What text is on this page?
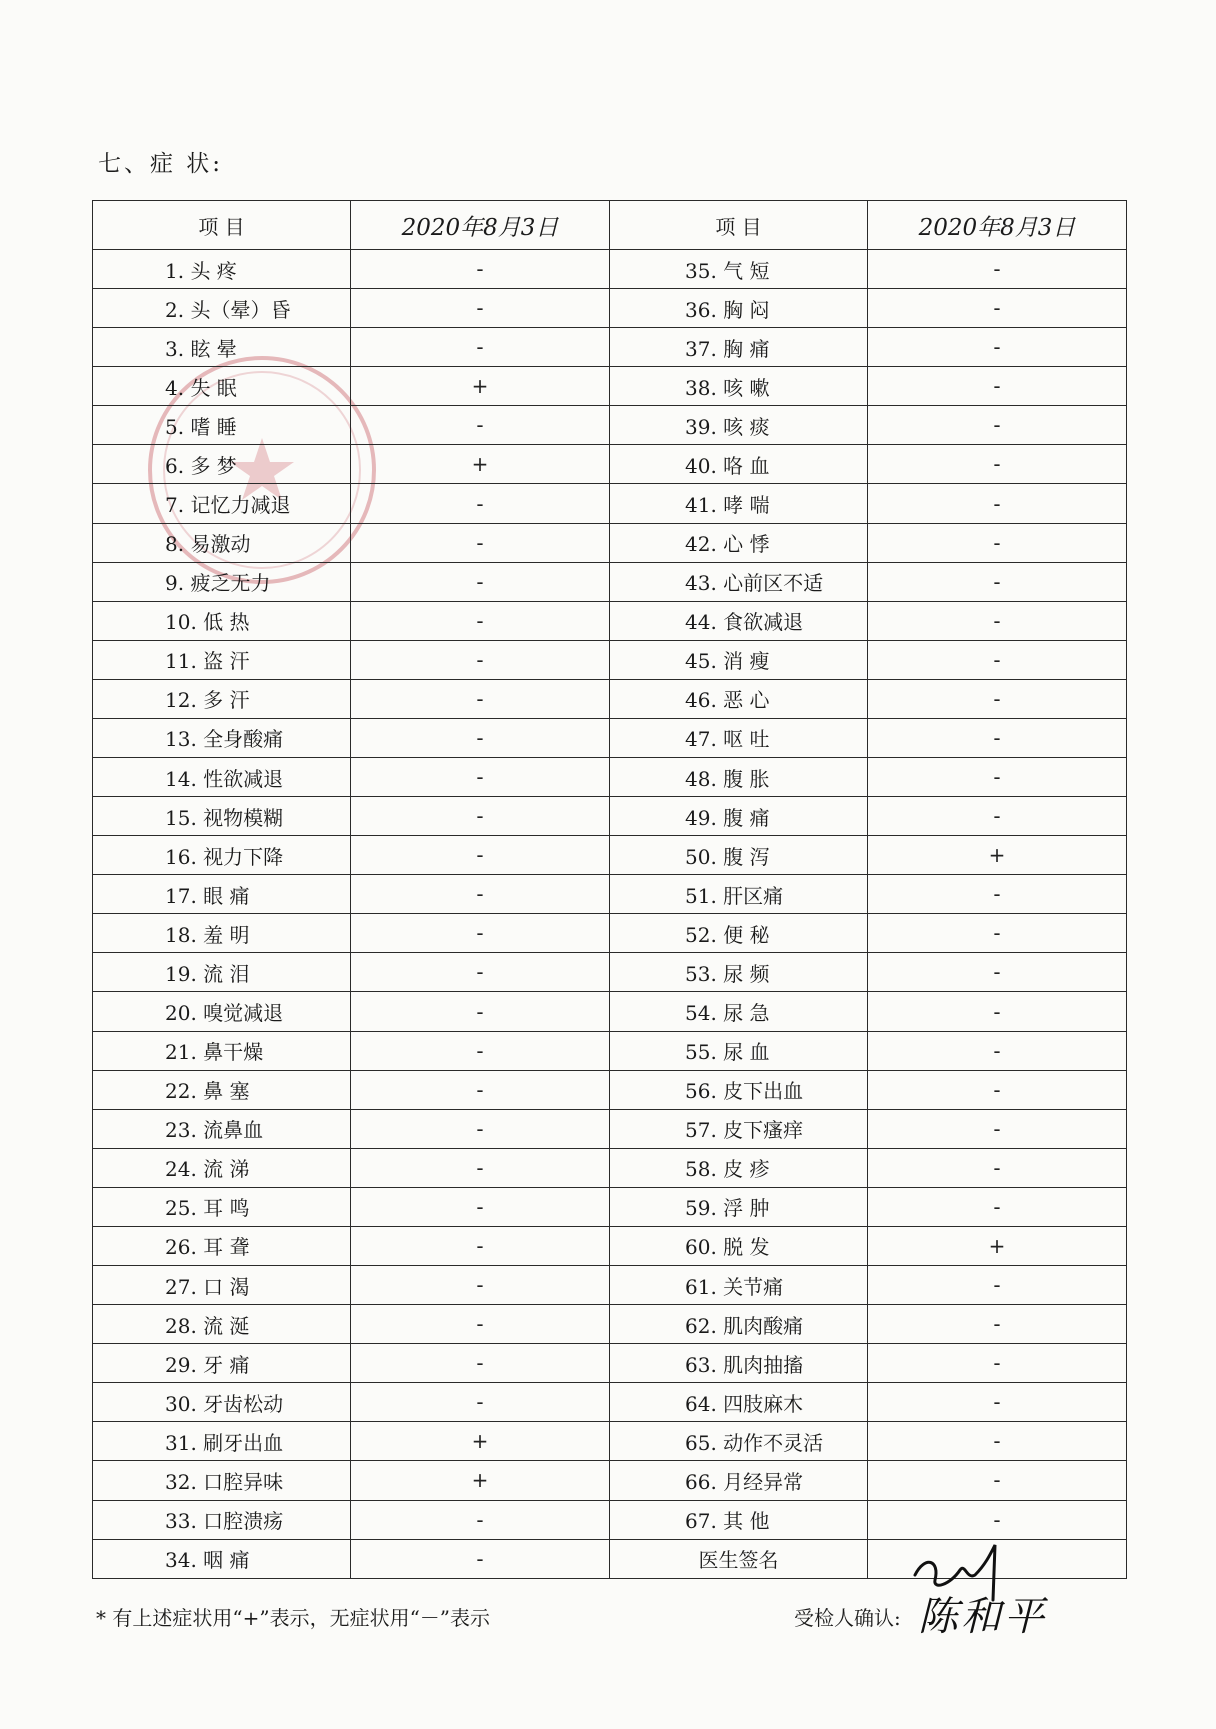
七、症 状:
项 目	2020年8月3日	项 目	2020年8月3日
1. 头 疼	-	35. 气 短	-
2. 头（晕）昏	-	36. 胸 闷	-
3. 眩 晕	-	37. 胸 痛	-
4. 失 眠	+	38. 咳 嗽	-
5. 嗜 睡	-	39. 咳 痰	-
6. 多 梦	+	40. 咯 血	-
7. 记忆力减退	-	41. 哮 喘	-
8. 易激动	-	42. 心 悸	-
9. 疲乏无力	-	43. 心前区不适	-
10. 低 热	-	44. 食欲减退	-
11. 盗 汗	-	45. 消 瘦	-
12. 多 汗	-	46. 恶 心	-
13. 全身酸痛	-	47. 呕 吐	-
14. 性欲减退	-	48. 腹 胀	-
15. 视物模糊	-	49. 腹 痛	-
16. 视力下降	-	50. 腹 泻	+
17. 眼 痛	-	51. 肝区痛	-
18. 羞 明	-	52. 便 秘	-
19. 流 泪	-	53. 尿 频	-
20. 嗅觉减退	-	54. 尿 急	-
21. 鼻干燥	-	55. 尿 血	-
22. 鼻 塞	-	56. 皮下出血	-
23. 流鼻血	-	57. 皮下瘙痒	-
24. 流 涕	-	58. 皮 疹	-
25. 耳 鸣	-	59. 浮 肿	-
26. 耳 聋	-	60. 脱 发	+
27. 口 渴	-	61. 关节痛	-
28. 流 涎	-	62. 肌肉酸痛	-
29. 牙 痛	-	63. 肌肉抽搐	-
30. 牙齿松动	-	64. 四肢麻木	-
31. 刷牙出血	+	65. 动作不灵活	-
32. 口腔异味	+	66. 月经异常	-
33. 口腔溃疡	-	67. 其 他	-
34. 咽 痛	-	医生签名	
* 有上述症状用“+”表示，无症状用“－”表示	受检人确认: 陈和平
